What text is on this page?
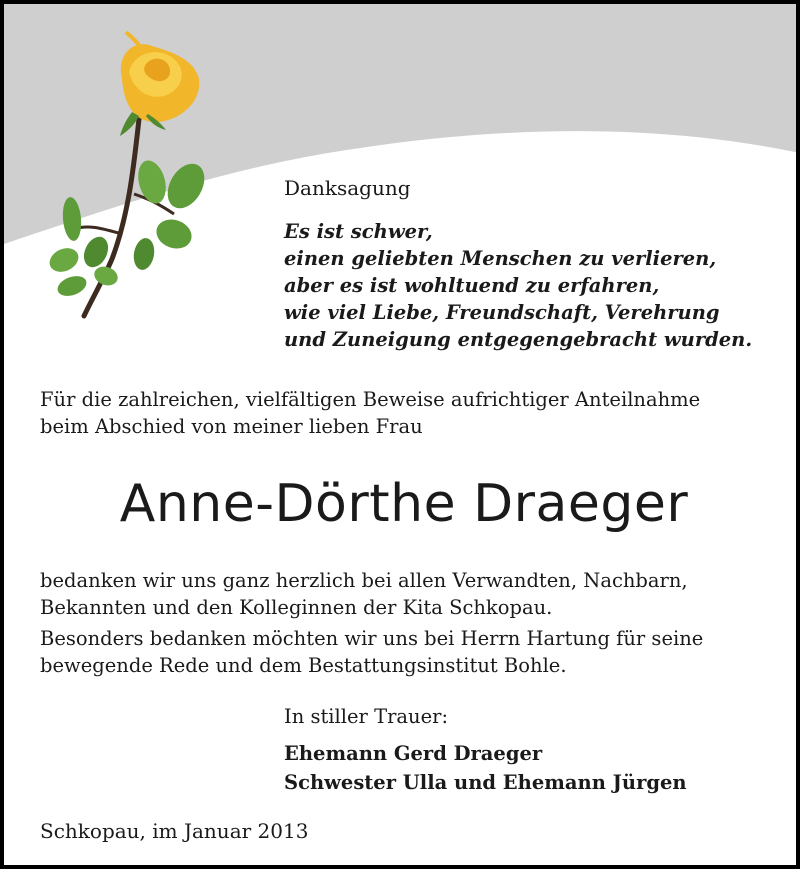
Danksagung
Es ist schwer,
einen geliebten Menschen zu verlieren,
aber es ist wohltuend zu erfahren,
wie viel Liebe, Freundschaft, Verehrung
und Zuneigung entgegengebracht wurden.
Für die zahlreichen, vielfältigen Beweise aufrichtiger Anteilnahme
beim Abschied von meiner lieben Frau
Anne-Dörthe Draeger
bedanken wir uns ganz herzlich bei allen Verwandten, Nachbarn,
Bekannten und den Kolleginnen der Kita Schkopau.
Besonders bedanken möchten wir uns bei Herrn Hartung für seine
bewegende Rede und dem Bestattungsinstitut Bohle.
In stiller Trauer:
Ehemann Gerd Draeger
Schwester Ulla und Ehemann Jürgen
Schkopau, im Januar 2013
